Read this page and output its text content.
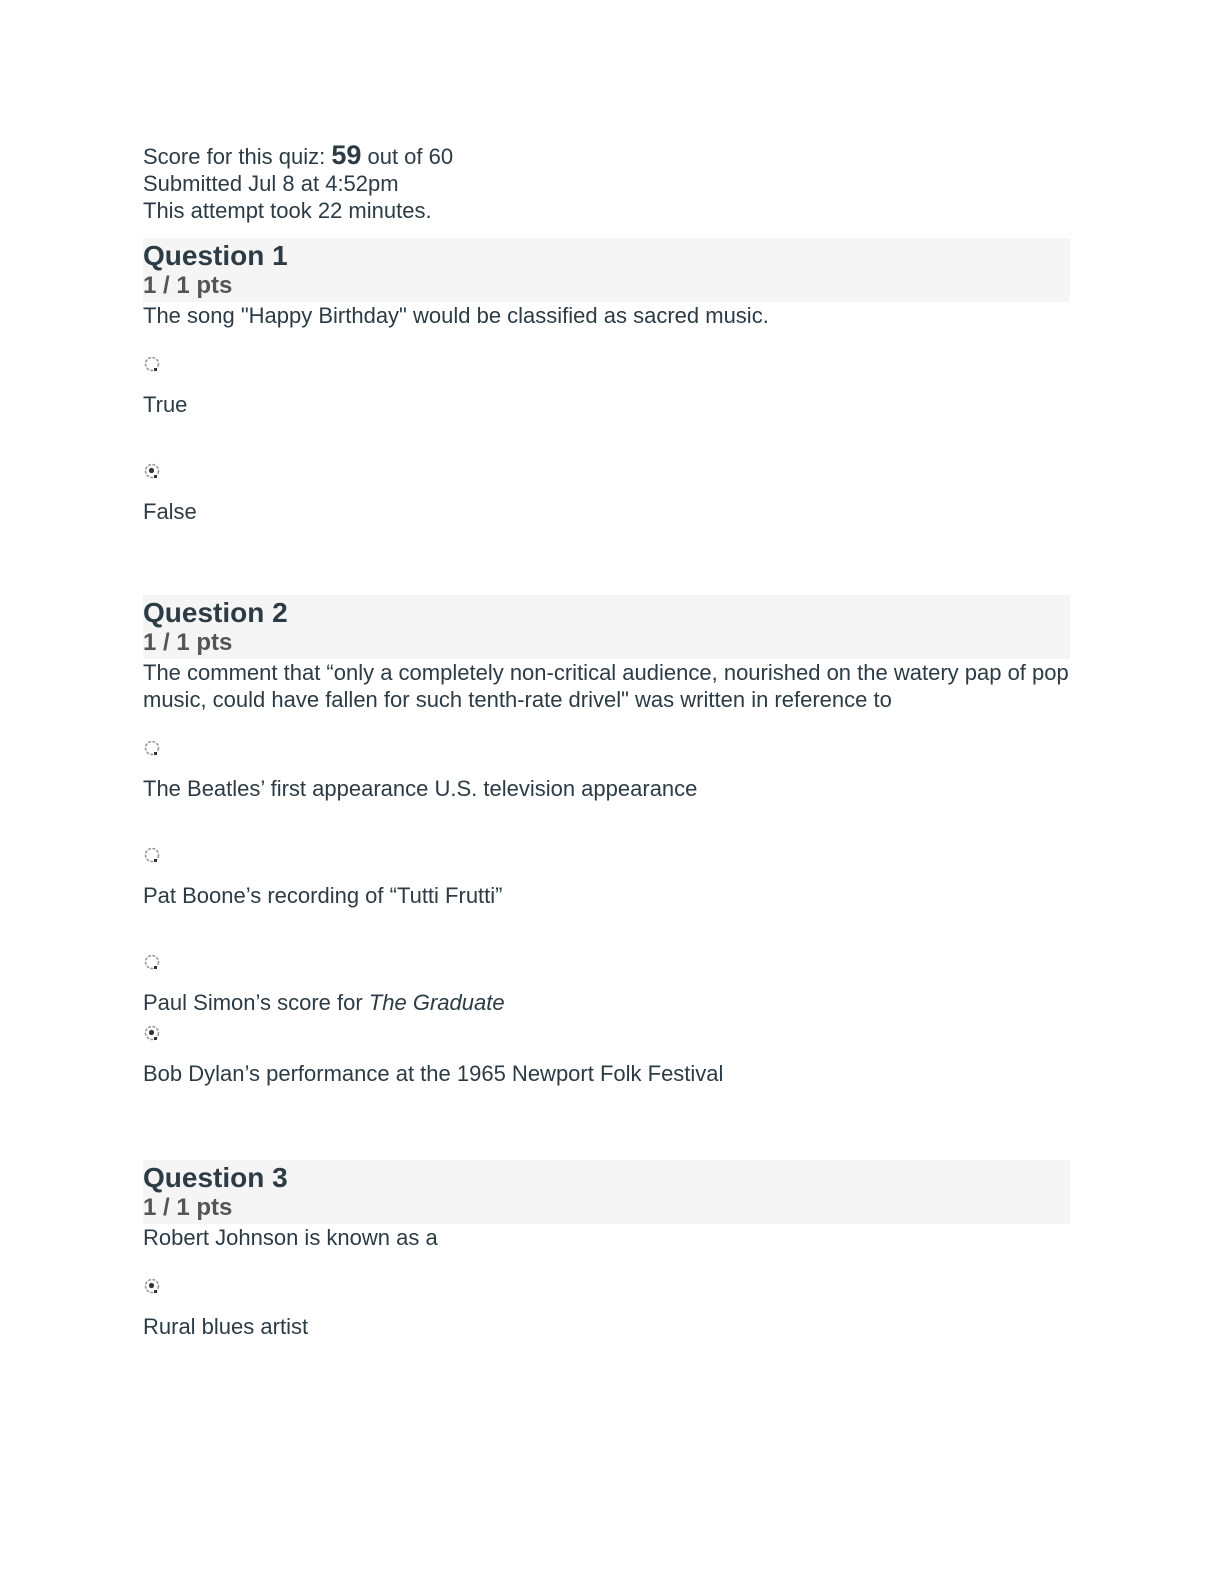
Score for this quiz: 59 out of 60
Submitted Jul 8 at 4:52pm
This attempt took 22 minutes.
Question 1
1 / 1 pts
The song "Happy Birthday" would be classified as sacred music.
True
False
Question 2
1 / 1 pts
The comment that “only a completely non-critical audience, nourished on the watery pap of pop music, could have fallen for such tenth-rate drivel" was written in reference to
The Beatles’ first appearance U.S. television appearance
Pat Boone’s recording of “Tutti Frutti”
Paul Simon’s score for The Graduate
Bob Dylan’s performance at the 1965 Newport Folk Festival
Question 3
1 / 1 pts
Robert Johnson is known as a
Rural blues artist
